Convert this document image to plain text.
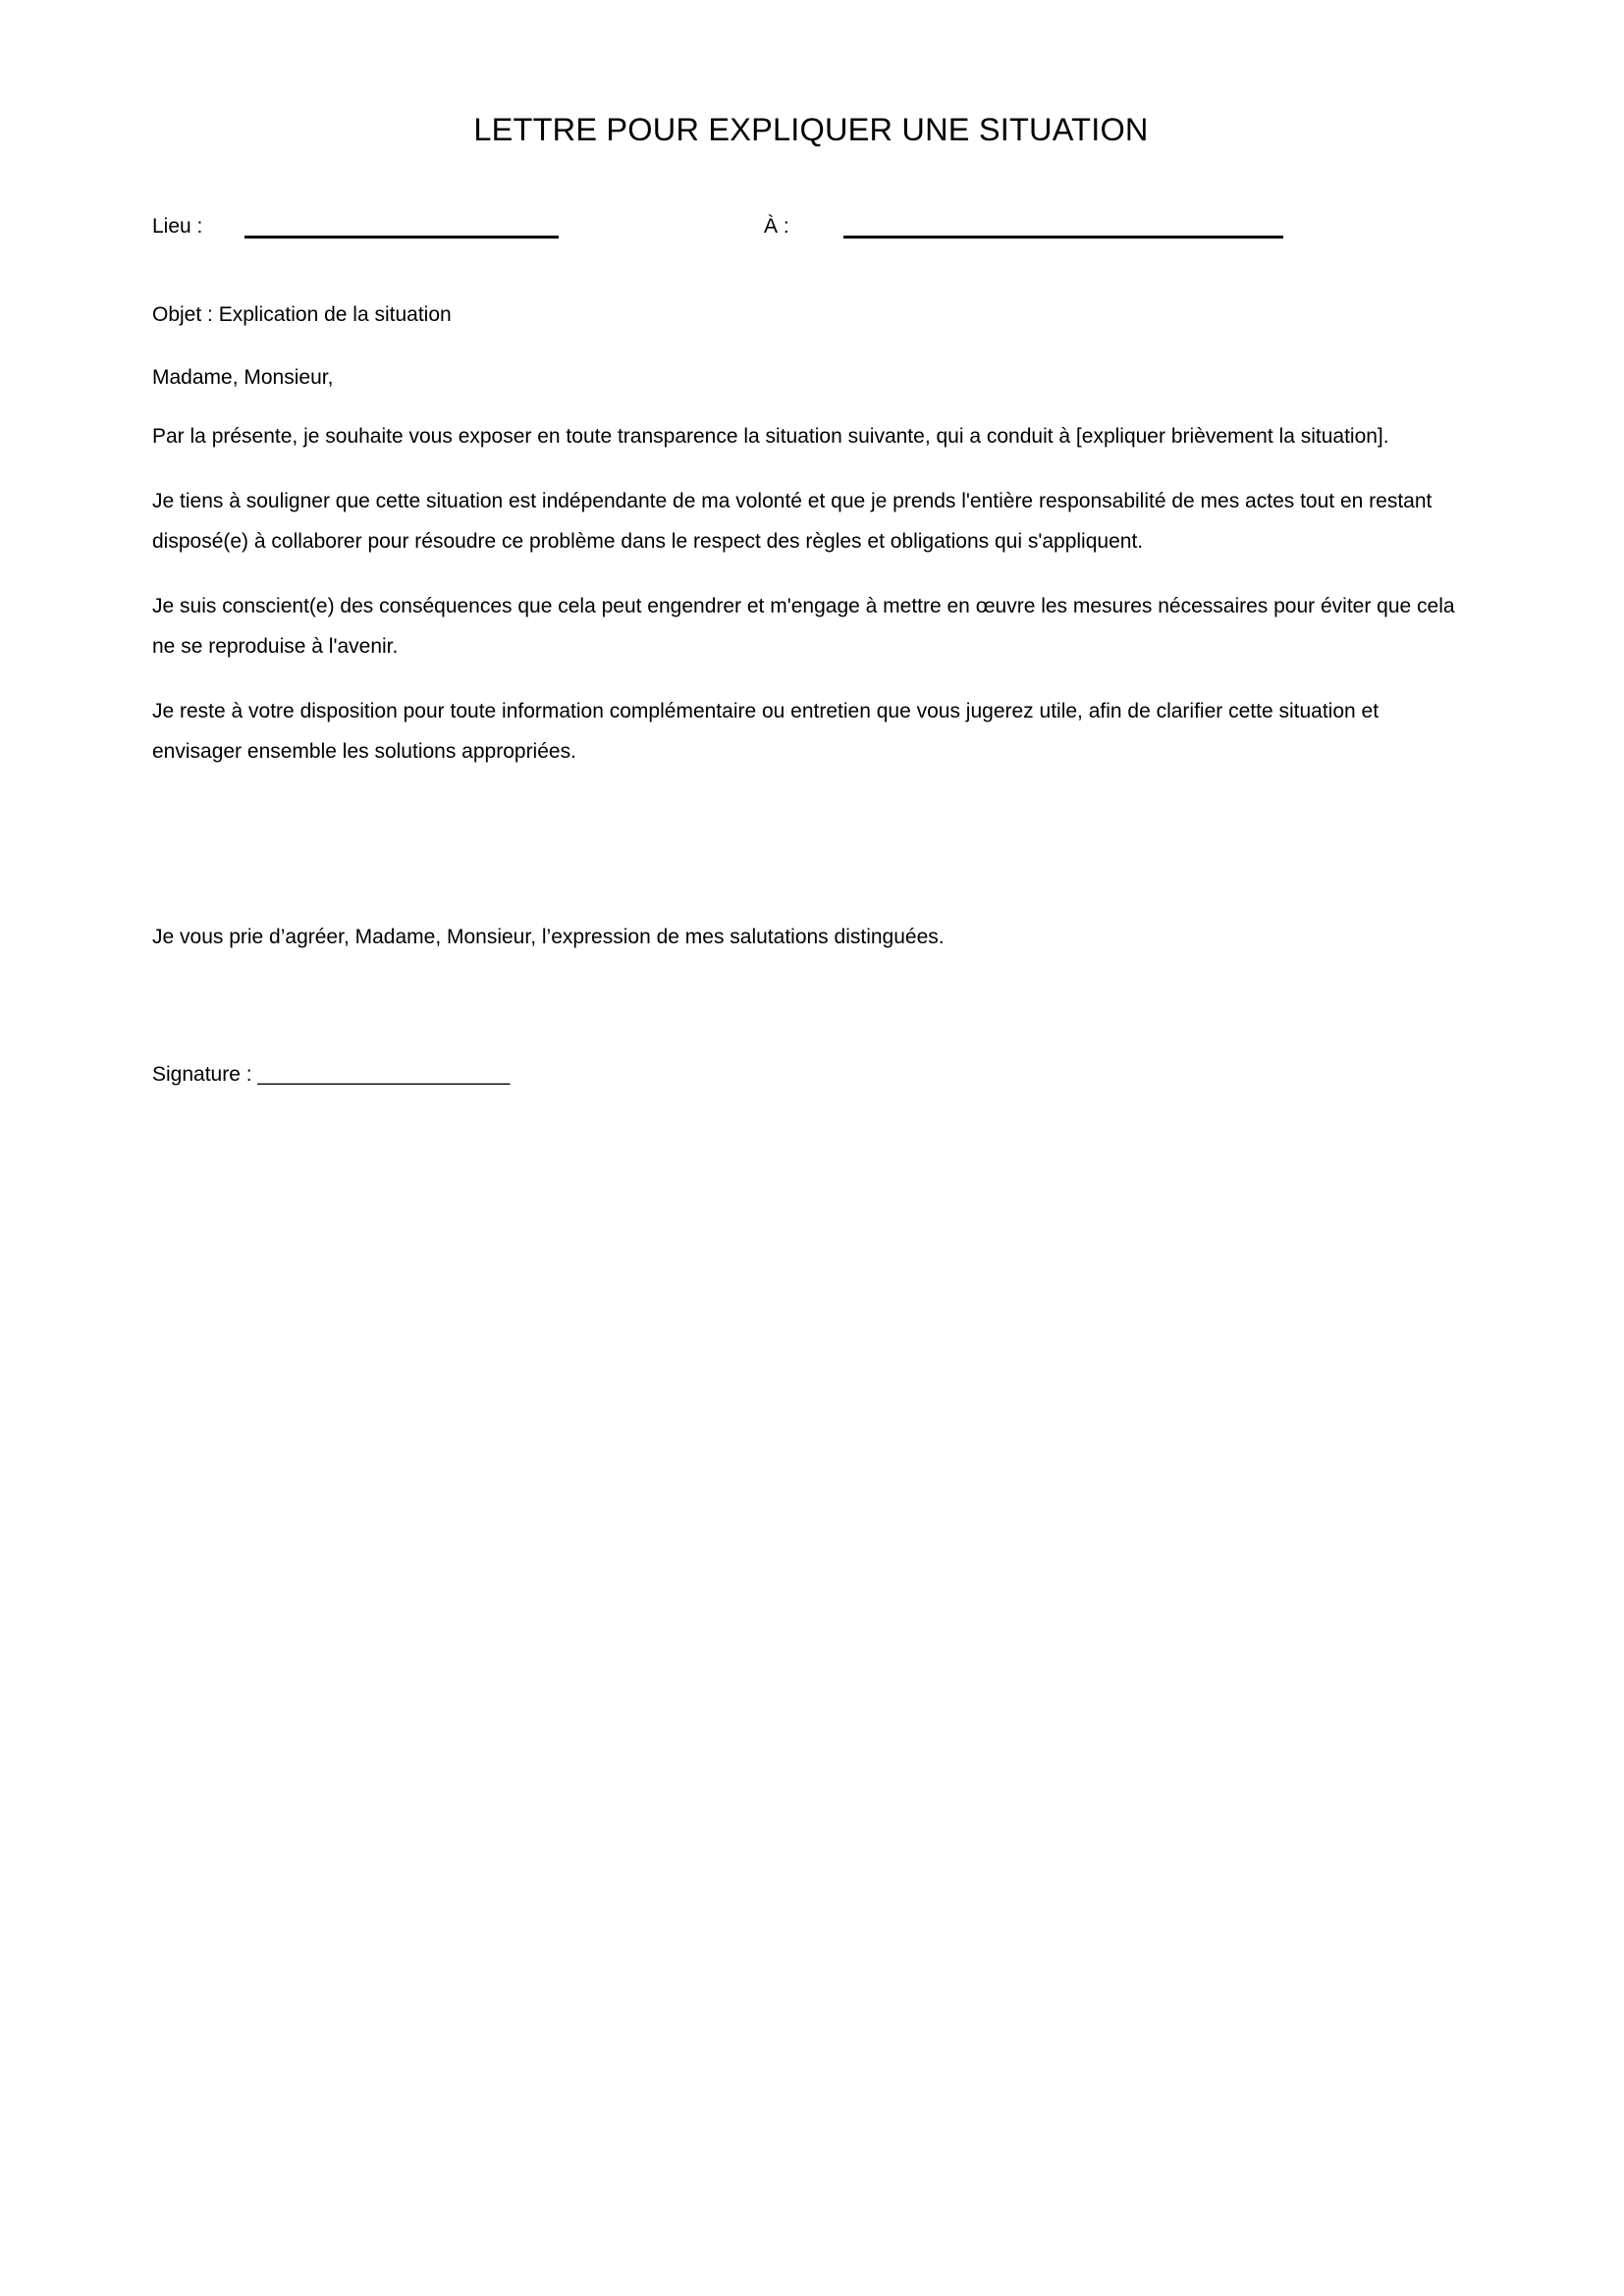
LETTRE POUR EXPLIQUER UNE SITUATION
Lieu :	À :

Objet : Explication de la situation

Madame, Monsieur,

Par la présente, je souhaite vous exposer en toute transparence la situation suivante, qui a conduit à [expliquer brièvement la situation].

Je tiens à souligner que cette situation est indépendante de ma volonté et que je prends l'entière responsabilité de mes actes tout en restant disposé(e) à collaborer pour résoudre ce problème dans le respect des règles et obligations qui s'appliquent.

Je suis conscient(e) des conséquences que cela peut engendrer et m'engage à mettre en œuvre les mesures nécessaires pour éviter que cela ne se reproduise à l'avenir.

Je reste à votre disposition pour toute information complémentaire ou entretien que vous jugerez utile, afin de clarifier cette situation et envisager ensemble les solutions appropriées.

Je vous prie d’agréer, Madame, Monsieur, l’expression de mes salutations distinguées.

Signature : ______________________
